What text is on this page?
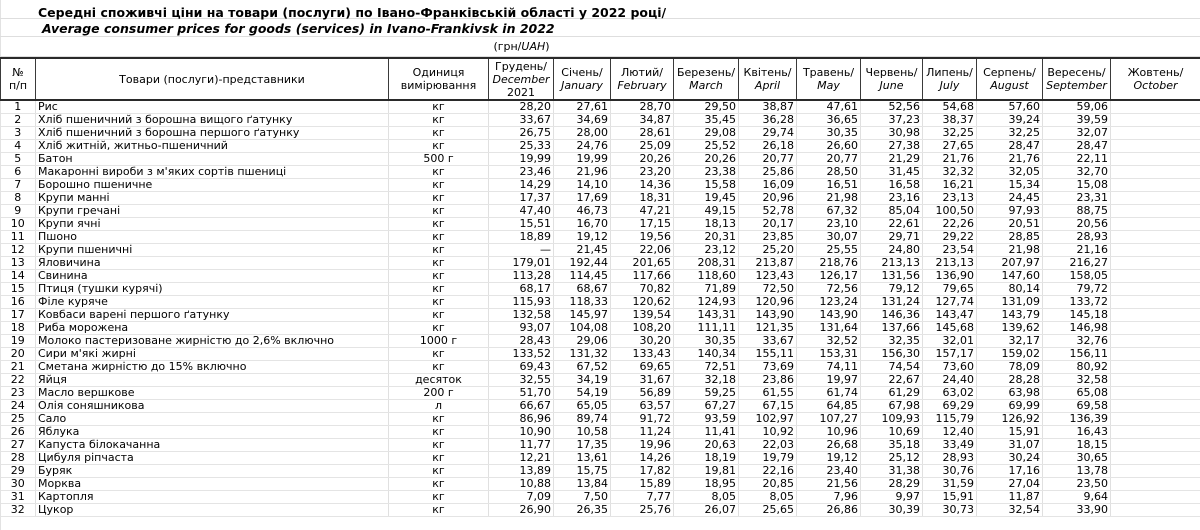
Середні споживчі ціни на товари (послуги) по Івано-Франківській області у 2022 році/
Average consumer prices for goods (services) in Ivano-Frankivsk in 2022
(грн/UAH)
№
п/п	Товари (послуги)-представники	Одиниця
вимірювання	Грудень/
December
2021	Січень/
January	Лютий/
February	Березень/
March	Квітень/
April	Травень/
May	Червень/
June	Липень/
July	Серпень/
August	Вересень/
September	Жовтень/
October

1	Рис	кг	28,20	27,61	28,70	29,50	38,87	47,61	52,56	54,68	57,60	59,06	
2	Хліб пшеничний з борошна вищого ґатунку	кг	33,67	34,69	34,87	35,45	36,28	36,65	37,23	38,37	39,24	39,59	
3	Хліб пшеничний з борошна першого ґатунку	кг	26,75	28,00	28,61	29,08	29,74	30,35	30,98	32,25	32,25	32,07	
4	Хліб житній, житньо-пшеничний	кг	25,33	24,76	25,09	25,52	26,18	26,60	27,38	27,65	28,47	28,47	
5	Батон	500 г	19,99	19,99	20,26	20,26	20,77	20,77	21,29	21,76	21,76	22,11	
6	Макаронні вироби з м'яких сортів пшениці	кг	23,46	21,96	23,20	23,38	25,86	28,50	31,45	32,32	32,05	32,70	
7	Борошно пшеничне	кг	14,29	14,10	14,36	15,58	16,09	16,51	16,58	16,21	15,34	15,08	
8	Крупи манні	кг	17,37	17,69	18,31	19,45	20,96	21,98	23,16	23,13	24,45	23,31	
9	Крупи гречані	кг	47,40	46,73	47,21	49,15	52,78	67,32	85,04	100,50	97,93	88,75	
10	Крупи ячні	кг	15,51	16,70	17,15	18,13	20,17	23,10	22,61	22,26	20,51	20,56	
11	Пшоно	кг	18,89	19,12	19,56	20,31	23,85	30,07	29,71	29,22	28,85	28,93	
12	Крупи пшеничні	кг	—	21,45	22,06	23,12	25,20	25,55	24,80	23,54	21,98	21,16	
13	Яловичина	кг	179,01	192,44	201,65	208,31	213,87	218,76	213,13	213,13	207,97	216,27	
14	Свинина	кг	113,28	114,45	117,66	118,60	123,43	126,17	131,56	136,90	147,60	158,05	
15	Птиця (тушки курячі)	кг	68,17	68,67	70,82	71,89	72,50	72,56	79,12	79,65	80,14	79,72	
16	Філе куряче	кг	115,93	118,33	120,62	124,93	120,96	123,24	131,24	127,74	131,09	133,72	
17	Ковбаси варені першого ґатунку	кг	132,58	145,97	139,54	143,31	143,90	143,90	146,36	143,47	143,79	145,18	
18	Риба морожена	кг	93,07	104,08	108,20	111,11	121,35	131,64	137,66	145,68	139,62	146,98	
19	Молоко пастеризоване жирністю до 2,6% включно	1000 г	28,43	29,06	30,20	30,35	33,67	32,52	32,35	32,01	32,17	32,76	
20	Сири м'які жирні	кг	133,52	131,32	133,43	140,34	155,11	153,31	156,30	157,17	159,02	156,11	
21	Сметана жирністю до 15% включно	кг	69,43	67,52	69,65	72,51	73,69	74,11	74,54	73,60	78,09	80,92	
22	Яйця	десяток	32,55	34,19	31,67	32,18	23,86	19,97	22,67	24,40	28,28	32,58	
23	Масло вершкове	200 г	51,70	54,19	56,89	59,25	61,55	61,74	61,29	63,02	63,98	65,08	
24	Олія соняшникова	л	66,67	65,05	63,57	67,27	67,15	64,85	67,98	69,29	69,99	69,58	
25	Сало	кг	86,96	89,74	91,72	93,59	102,97	107,27	109,93	115,79	126,92	136,39	
26	Яблука	кг	10,90	10,58	11,24	11,41	10,92	10,96	10,69	12,40	15,91	16,43	
27	Капуста білокачанна	кг	11,77	17,35	19,96	20,63	22,03	26,68	35,18	33,49	31,07	18,15	
28	Цибуля ріпчаста	кг	12,21	13,61	14,26	18,19	19,79	19,12	25,12	28,93	30,24	30,65	
29	Буряк	кг	13,89	15,75	17,82	19,81	22,16	23,40	31,38	30,76	17,16	13,78	
30	Морква	кг	10,88	13,84	15,89	18,95	20,85	21,56	28,29	31,59	27,04	23,50	
31	Картопля	кг	7,09	7,50	7,77	8,05	8,05	7,96	9,97	15,91	11,87	9,64	
32	Цукор	кг	26,90	26,35	25,76	26,07	25,65	26,86	30,39	30,73	32,54	33,90	
